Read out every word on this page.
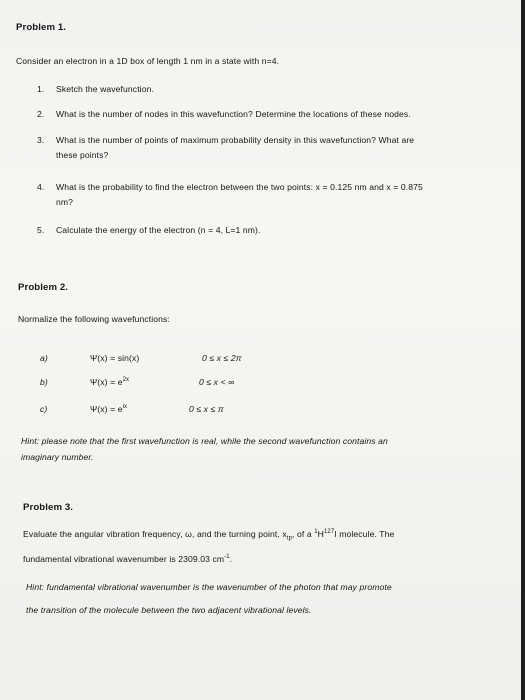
Problem 1.
Consider an electron in a 1D box of length 1 nm in a state with n=4.
1. Sketch the wavefunction.
2. What is the number of nodes in this wavefunction? Determine the locations of these nodes.
3. What is the number of points of maximum probability density in this wavefunction? What are
these points?
4. What is the probability to find the electron between the two points: x = 0.125 nm and x = 0.875
nm?
5. Calculate the energy of the electron (n = 4, L=1 nm).
Problem 2.
Normalize the following wavefunctions:
a)	Ψ(x) = sin(x)	0 ≤ x ≤ 2π
b)	$\Psi(x) = e^{2x}$	0 ≤ x < ∞
c)	$\Psi(x) = e^{ix}$	0 ≤ x ≤ π
Hint: please note that the first wavefunction is real, while the second wavefunction contains an
imaginary number.
Problem 3.
Evaluate the angular vibration frequency, ω, and the turning point, $x_{tp}$, of a $^1H^{127}I$ molecule. The
fundamental vibrational wavenumber is 2309.03 $cm^{-1}$.
Hint: fundamental vibrational wavenumber is the wavenumber of the photon that may promote
the transition of the molecule between the two adjacent vibrational levels.
